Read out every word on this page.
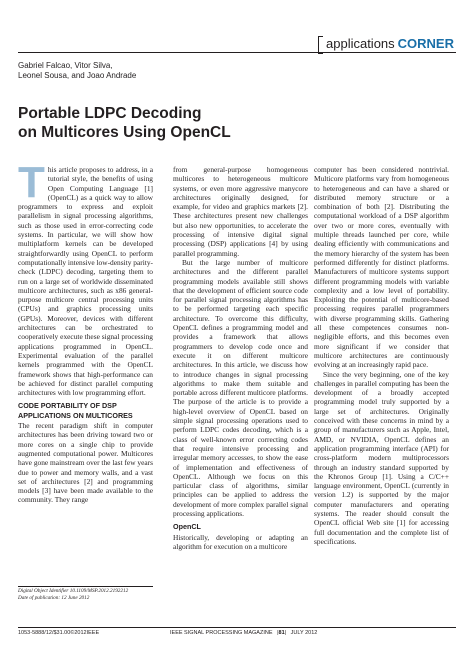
applications CORNER
Gabriel Falcao, Vitor Silva,
Leonel Sousa, and Joao Andrade
Portable LDPC Decoding
on Multicores Using OpenCL

This article proposes to address, in a tutorial style, the benefits of using Open Computing Language [1] (OpenCL) as a quick way to allow programmers to express and exploit parallelism in signal processing algorithms, such as those used in error-correcting code systems. In particular, we will show how multiplatform kernels can be developed straightforwardly using OpenCL to perform computationally intensive low-density parity-check (LDPC) decoding, targeting them to run on a large set of worldwide disseminated multicore architectures, such as x86 general-purpose multicore central processing units (CPUs) and graphics processing units (GPUs). Moreover, devices with different architectures can be orchestrated to cooperatively execute these signal processing applications programmed in OpenCL. Experimental evaluation of the parallel kernels programmed with the OpenCL framework shows that high-performance can be achieved for distinct parallel computing architectures with low programming effort.

CODE PORTABILITY OF DSP APPLICATIONS ON MULTICORES

The recent paradigm shift in computer architectures has been driving toward two or more cores on a single chip to provide augmented computational power. Multicores have gone mainstream over the last few years due to power and memory walls, and a vast set of architectures [2] and programming models [3] have been made available to the community. They range

from general-purpose homogeneous multicores to heterogeneous multicore systems, or even more aggressive manycore architectures originally designed, for example, for video and graphics markets [2]. These architectures present new challenges but also new opportunities, to accelerate the processing of intensive digital signal processing (DSP) applications [4] by using parallel programming.

But the large number of multicore architectures and the different parallel programming models available still shows that the development of efficient source code for parallel signal processing algorithms has to be performed targeting each specific architecture. To overcome this difficulty, OpenCL defines a programming model and provides a framework that allows programmers to develop code once and execute it on different multicore architectures. In this article, we discuss how to introduce changes in signal processing algorithms to make them suitable and portable across different multicore platforms. The purpose of the article is to provide a high-level overview of OpenCL based on simple signal processing operations used to perform LDPC codes decoding, which is a class of well-known error correcting codes that require intensive processing and irregular memory accesses, to show the ease of implementation and effectiveness of OpenCL. Although we focus on this particular class of algorithms, similar principles can be applied to address the development of more complex parallel signal processing applications.

OpenCL

Historically, developing or adapting an algorithm for execution on a multicore

computer has been considered nontrivial. Multicore platforms vary from homogeneous to heterogeneous and can have a shared or distributed memory structure or a combination of both [2]. Distributing the computational workload of a DSP algorithm over two or more cores, eventually with multiple threads launched per core, while dealing efficiently with communications and the memory hierarchy of the system has been performed differently for distinct platforms. Manufacturers of multicore systems support different programming models with variable complexity and a low level of portability. Exploiting the potential of multicore-based processing requires parallel programmers with diverse programming skills. Gathering all these competences consumes non-negligible efforts, and this becomes even more significant if we consider that multicore architectures are continuously evolving at an increasingly rapid pace.

Since the very beginning, one of the key challenges in parallel computing has been the development of a broadly accepted programming model truly supported by a large set of architectures. Originally conceived with these concerns in mind by a group of manufacturers such as Apple, Intel, AMD, or NVIDIA, OpenCL defines an application programming interface (API) for cross-platform modern multiprocessors through an industry standard supported by the Khronos Group [1]. Using a C/C++ language environment, OpenCL (currently in version 1.2) is supported by the major computer manufacturers and operating systems. The reader should consult the OpenCL official Web site [1] for accessing full documentation and the complete list of specifications.

Digital Object Identifier 10.1109/MSP.2012.2192212
Date of publication: 12 June 2012
1053-5888/12/$31.00©2012IEEE	IEEE SIGNAL PROCESSING MAGAZINE   |81|   JULY 2012
